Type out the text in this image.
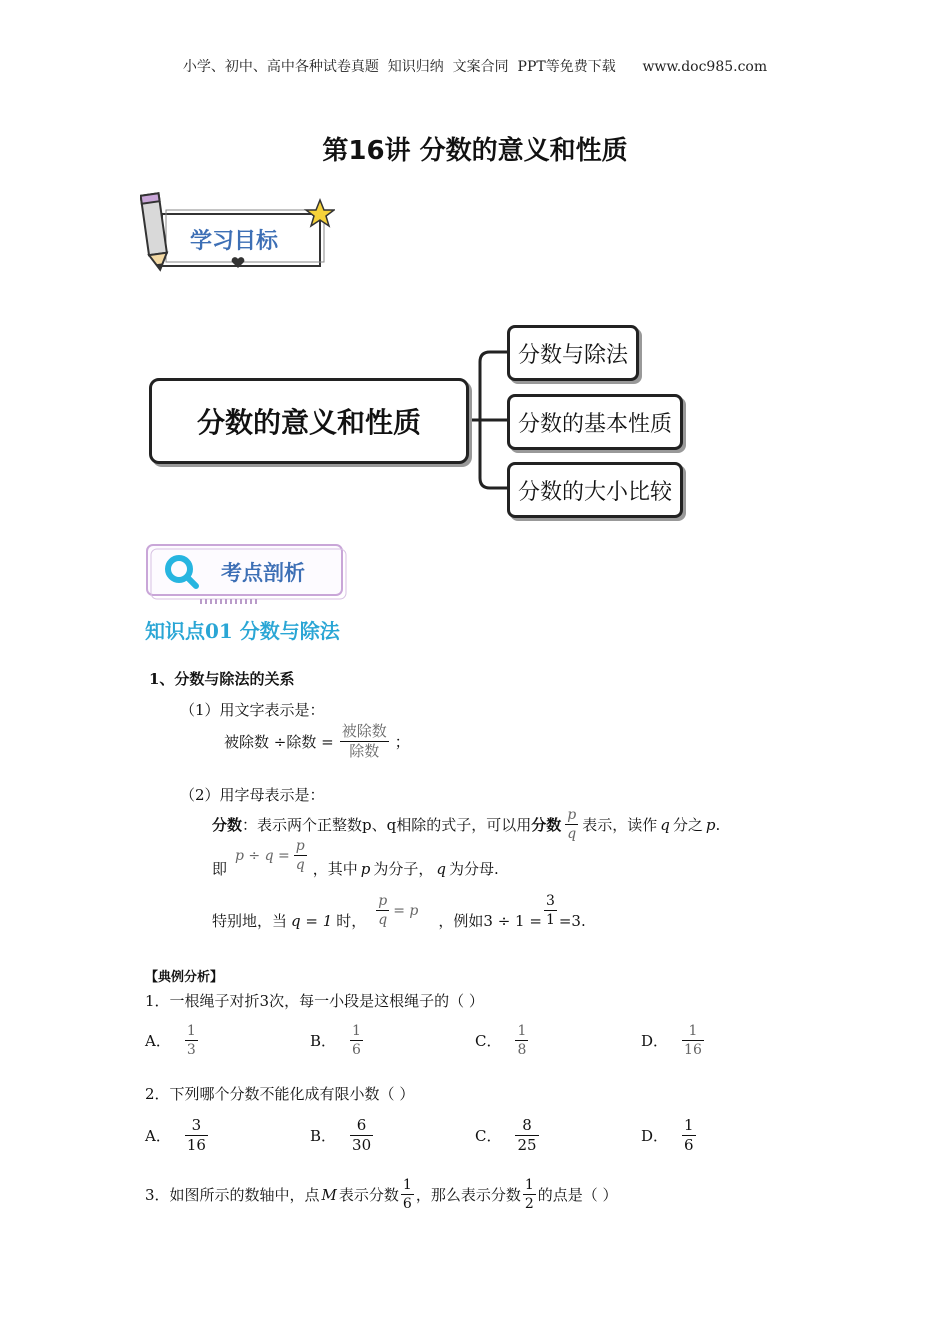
小学、初中、高中各种试卷真题  知识归纳  文案合同  PPT等免费下载 www.doc985.com
第16讲 分数的意义和性质
学习目标
分数的意义和性质
分数与除法
分数的基本性质
分数的大小比较
考点剖析
知识点01 分数与除法
1、分数与除法的关系
（1）用文字表示是：
被除数 ÷除数 = $\frac{\text{被除数}}{\text{除数}}$ ；
（2）用字母表示是：
分数 ：表示两个正整数p、q相除的式子，可以用 分数 $\frac{p}{q}$ 表示，读作 q 分之 p .
即
$p \div q = \frac{p}{q}$ ，其中 p 为分子， q 为分母.
特别地，当 q = 1 时， $\frac{p}{q} = p$
，例如$3 \div 1 = \frac{3}{1} =3$.
【典例分析】
1．一根绳子对折3次，每一小段是这根绳子的（ ）
A． $\frac{1}{3}$	B． $\frac{1}{6}$	C． $\frac{1}{8}$	D． $\frac{1}{16}$
2．下列哪个分数不能化成有限小数（ ）
A． $\frac{3}{16}$	B． $\frac{6}{30}$	C． $\frac{8}{25}$	D． $\frac{1}{6}$
3．如图所示的数轴中，点 M 表示分数 $\frac{1}{6}$ ，那么表示分数 $\frac{1}{2}$ 的点是（ ）
